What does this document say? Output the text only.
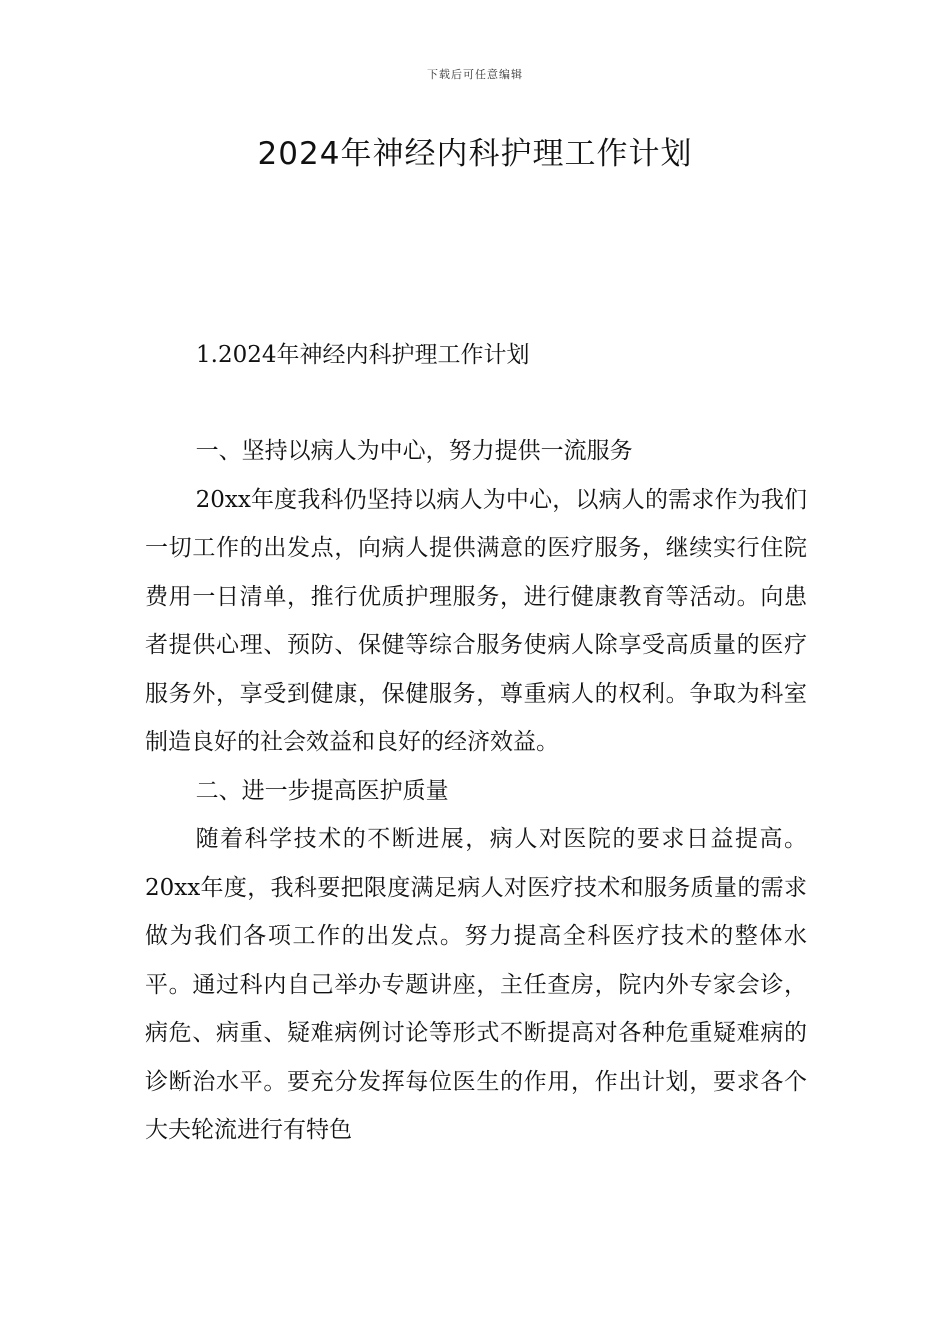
下载后可任意编辑
2024年神经内科护理工作计划

1.2024年神经内科护理工作计划

一、坚持以病人为中心，努力提供一流服务

20xx年度我科仍坚持以病人为中心，以病人的需求作为我们一切工作的出发点，向病人提供满意的医疗服务，继续实行住院费用一日清单，推行优质护理服务，进行健康教育等活动。向患者提供心理、预防、保健等综合服务使病人除享受高质量的医疗服务外，享受到健康，保健服务，尊重病人的权利。争取为科室制造良好的社会效益和良好的经济效益。

二、进一步提高医护质量

随着科学技术的不断进展，病人对医院的要求日益提高。20xx年度，我科要把限度满足病人对医疗技术和服务质量的需求做为我们各项工作的出发点。努力提高全科医疗技术的整体水平。通过科内自己举办专题讲座，主任查房，院内外专家会诊，病危、病重、疑难病例讨论等形式不断提高对各种危重疑难病的诊断治水平。要充分发挥每位医生的作用，作出计划，要求各个大夫轮流进行有特色
